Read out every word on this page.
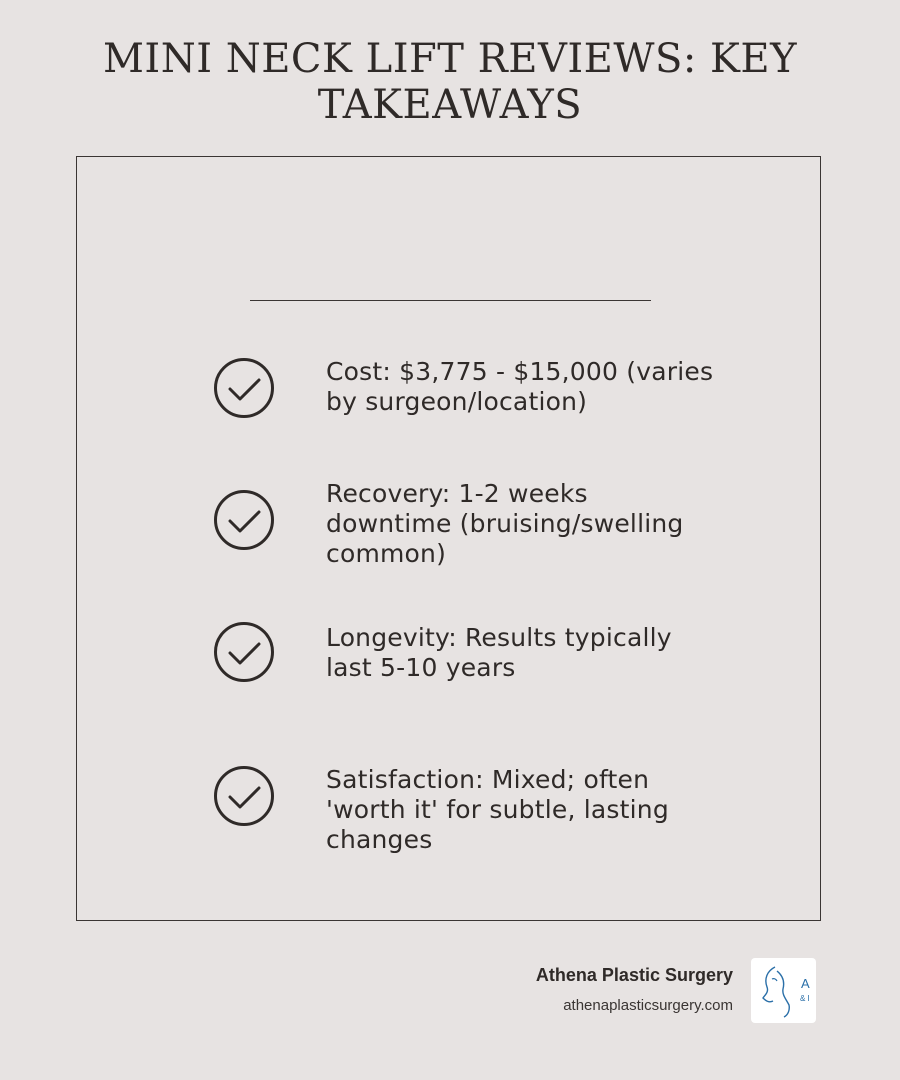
MINI NECK LIFT REVIEWS: KEY
TAKEAWAYS
Cost: $3,775 - $15,000 (varies
by surgeon/location)
Recovery: 1-2 weeks
downtime (bruising/swelling
common)
Longevity: Results typically
last 5-10 years
Satisfaction: Mixed; often
'worth it' for subtle, lasting
changes
Athena Plastic Surgery
athenaplasticsurgery.com
A
& I
